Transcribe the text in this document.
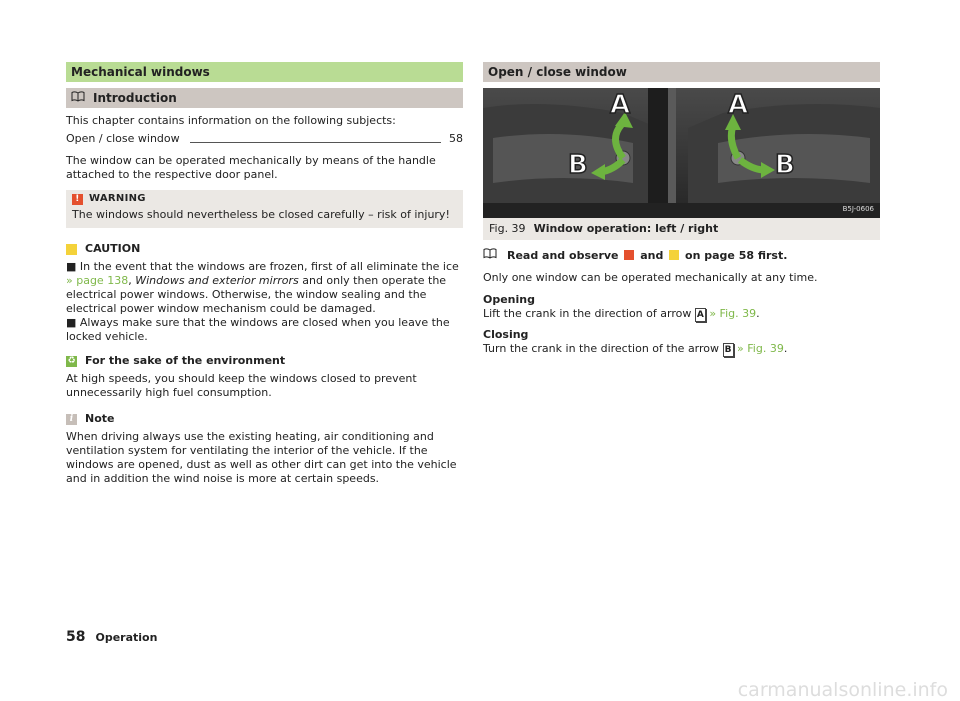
Mechanical windows
Introduction

This chapter contains information on the following subjects:

Open / close window	58

The window can be operated mechanically by means of the handle attached to the respective door panel.

! WARNING

The windows should nevertheless be closed carefully – risk of injury!

!	CAUTION

■ In the event that the windows are frozen, first of all eliminate the ice » page 138, Windows and exterior mirrors and only then operate the electrical power windows. Otherwise, the window sealing and the electrical power window mechanism could be damaged.

■ Always make sure that the windows are closed when you leave the locked vehicle.

♻ For the sake of the environment

At high speeds, you should keep the windows closed to prevent unnecessarily high fuel consumption.

i	Note

When driving always use the existing heating, air conditioning and ventilation system for ventilating the interior of the vehicle. If the windows are opened, dust as well as other dirt can get into the vehicle and in addition the wind noise is more at certain speeds.

Open / close window
A	A
B	B
B5J-0606
Fig. 39 Window operation: left / right
Read and observe and on page 58 first.

Only one window can be operated mechanically at any time.

Opening

Lift the crank in the direction of arrow A » Fig. 39.

Closing

Turn the crank in the direction of the arrow B » Fig. 39.

58 Operation
carmanualsonline.info
